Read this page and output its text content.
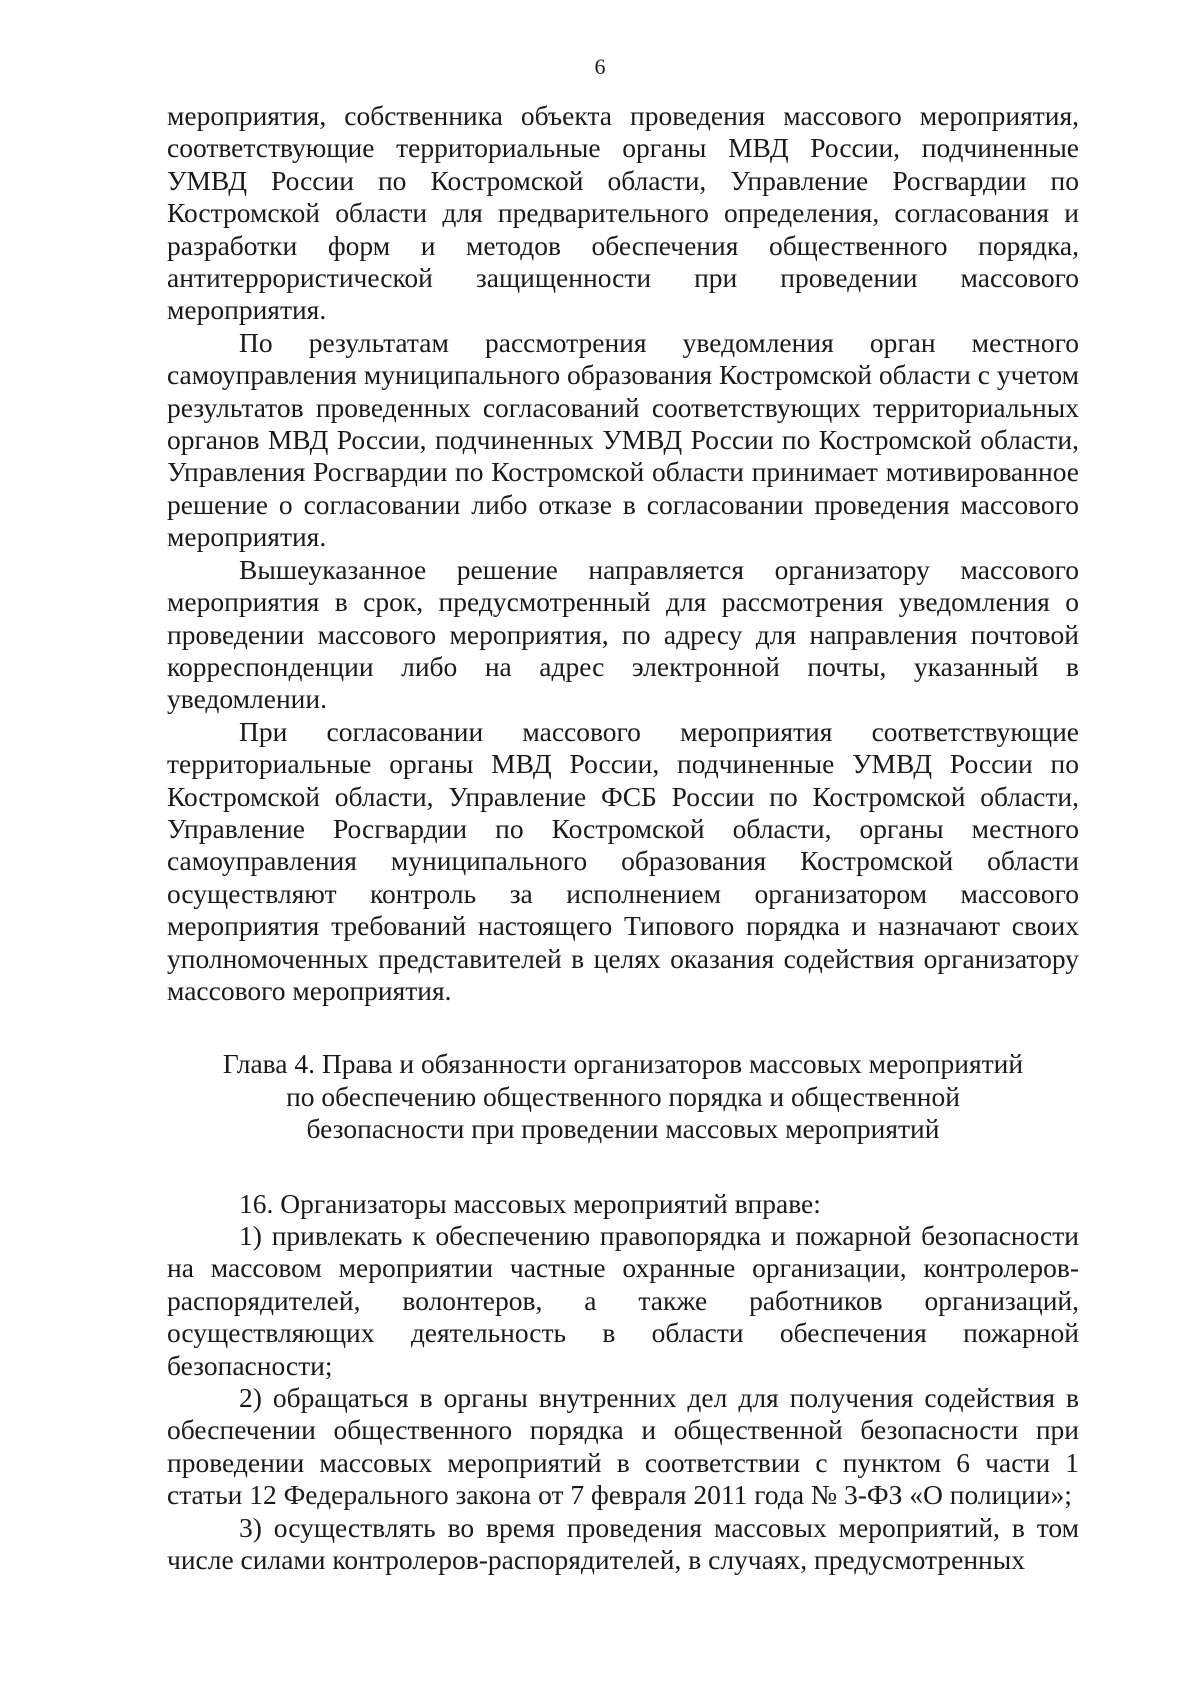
6

мероприятия, собственника объекта проведения массового мероприятия, соответствующие территориальные органы МВД России, подчиненные УМВД России по Костромской области, Управление Росгвардии по Костромской области для предварительного определения, согласования и разработки форм и методов обеспечения общественного порядка, антитеррористической защищенности при проведении массового мероприятия.

По результатам рассмотрения уведомления орган местного самоуправления муниципального образования Костромской области с учетом результатов проведенных согласований соответствующих территориальных органов МВД России, подчиненных УМВД России по Костромской области, Управления Росгвардии по Костромской области принимает мотивированное решение о согласовании либо отказе в согласовании проведения массового мероприятия.

Вышеуказанное решение направляется организатору массового мероприятия в срок, предусмотренный для рассмотрения уведомления о проведении массового мероприятия, по адресу для направления почтовой корреспонденции либо на адрес электронной почты, указанный в уведомлении.

При согласовании массового мероприятия соответствующие территориальные органы МВД России, подчиненные УМВД России по Костромской области, Управление ФСБ России по Костромской области, Управление Росгвардии по Костромской области, органы местного самоуправления муниципального образования Костромской области осуществляют контроль за исполнением организатором массового мероприятия требований настоящего Типового порядка и назначают своих уполномоченных представителей в целях оказания содействия организатору массового мероприятия.

Глава 4. Права и обязанности организаторов массовых мероприятий
по обеспечению общественного порядка и общественной
безопасности при проведении массовых мероприятий

16. Организаторы массовых мероприятий вправе:

1) привлекать к обеспечению правопорядка и пожарной безопасности на массовом мероприятии частные охранные организации, контролеров-распорядителей, волонтеров, а также работников организаций, осуществляющих деятельность в области обеспечения пожарной безопасности;

2) обращаться в органы внутренних дел для получения содействия в обеспечении общественного порядка и общественной безопасности при проведении массовых мероприятий в соответствии с пунктом 6 части 1 статьи 12 Федерального закона от 7 февраля 2011 года № 3-ФЗ «О полиции»;

3) осуществлять во время проведения массовых мероприятий, в том числе силами контролеров-распорядителей, в случаях, предусмотренных
